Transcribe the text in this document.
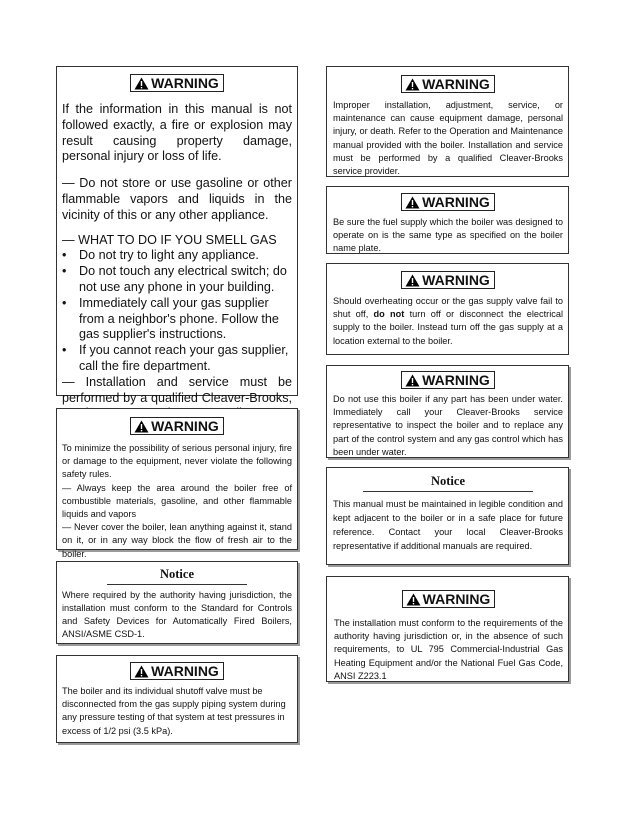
WARNING

If the information in this manual is not followed exactly, a fire or explosion may result causing property damage, personal injury or loss of life.

— Do not store or use gasoline or other flammable vapors and liquids in the vicinity of this or any other appliance.

— WHAT TO DO IF YOU SMELL GAS

• Do not try to light any appliance.
• Do not touch any electrical switch; do not use any phone in your building.
• Immediately call your gas supplier from a neighbor's phone. Follow the gas supplier's instructions.
• If you cannot reach your gas supplier, call the fire department.

— Installation and service must be performed by a qualified Cleaver-Brooks,

WARNING

To minimize the possibility of serious personal injury, fire or damage to the equipment, never violate the following safety rules.

— Always keep the area around the boiler free of combustible materials, gasoline, and other flammable liquids and vapors

— Never cover the boiler, lean anything against it, stand on it, or in any way block the flow of fresh air to the boiler.

Notice

Where required by the authority having jurisdiction, the installation must conform to the Standard for Controls and Safety Devices for Automatically Fired Boilers, ANSI/ASME CSD-1.

WARNING

The boiler and its individual shutoff valve must be disconnected from the gas supply piping system during any pressure testing of that system at test pressures in excess of 1/2 psi (3.5 kPa).

WARNING

Improper installation, adjustment, service, or maintenance can cause equipment damage, personal injury, or death. Refer to the Operation and Maintenance manual provided with the boiler. Installation and service must be performed by a qualified Cleaver-Brooks service provider.

WARNING

Be sure the fuel supply which the boiler was designed to operate on is the same type as specified on the boiler name plate.

WARNING

Should overheating occur or the gas supply valve fail to shut off, do not turn off or disconnect the electrical supply to the boiler. Instead turn off the gas supply at a location external to the boiler.

WARNING

Do not use this boiler if any part has been under water. Immediately call your Cleaver-Brooks service representative to inspect the boiler and to replace any part of the control system and any gas control which has been under water.

Notice

This manual must be maintained in legible condition and kept adjacent to the boiler or in a safe place for future reference. Contact your local Cleaver-Brooks representative if additional manuals are required.

WARNING

The installation must conform to the requirements of the authority having jurisdiction or, in the absence of such requirements, to UL 795 Commercial-Industrial Gas Heating Equipment and/or the National Fuel Gas Code, ANSI Z223.1
